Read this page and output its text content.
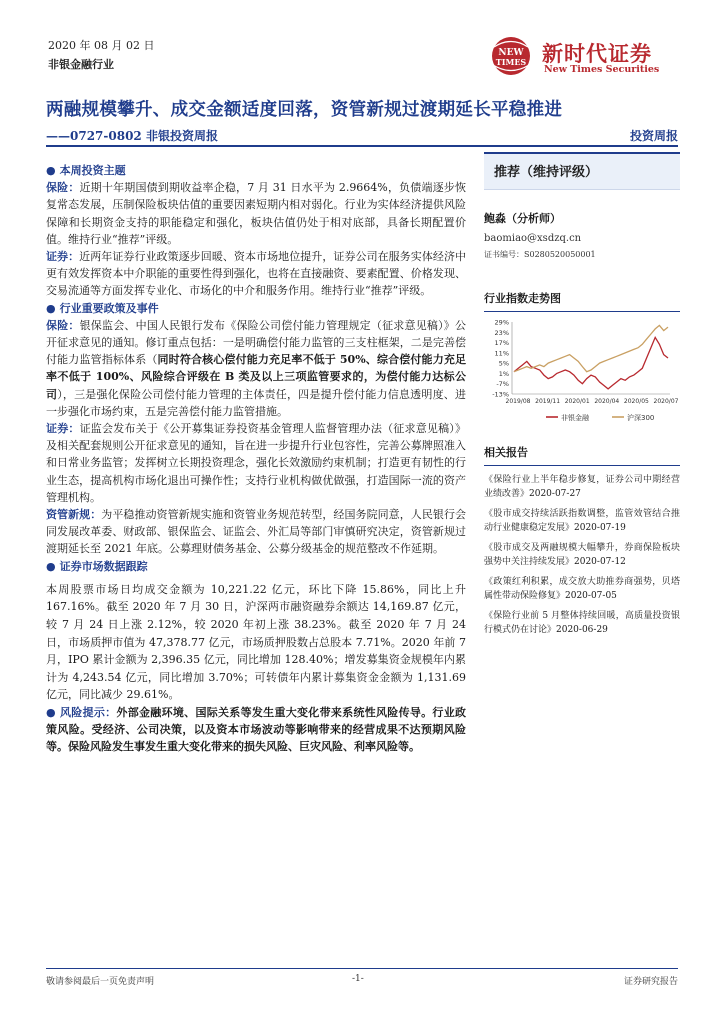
2020 年 08 月 02 日
非银金融行业
NEW
TIMES 新时代证券
New Times Securities
两融规模攀升、成交金额适度回落，资管新规过渡期延长平稳推进
——0727-0802 非银投资周报	投资周报
● 本周投资主题

保险：近期十年期国债到期收益率企稳，7 月 31 日水平为 2.9664%，负债端逐步恢复常态发展，压制保险板块估值的重要因素短期内相对弱化。行业为实体经济提供风险保障和长期资金支持的职能稳定和强化，板块估值仍处于相对底部，具备长期配置价值。维持行业“推荐”评级。

证券：近两年证券行业政策逐步回暖、资本市场地位提升，证券公司在服务实体经济中更有效发挥资本中介职能的重要性得到强化，也将在直接融资、要素配置、价格发现、交易流通等方面发挥专业化、市场化的中介和服务作用。维持行业“推荐”评级。

● 行业重要政策及事件

保险：银保监会、中国人民银行发布《保险公司偿付能力管理规定（征求意见稿）》公开征求意见的通知。修订重点包括：一是明确偿付能力监管的三支柱框架，二是完善偿付能力监管指标体系（同时符合核心偿付能力充足率不低于 50%、综合偿付能力充足率不低于 100%、风险综合评级在 B 类及以上三项监管要求的，为偿付能力达标公司），三是强化保险公司偿付能力管理的主体责任，四是提升偿付能力信息透明度、进一步强化市场约束，五是完善偿付能力监管措施。

证券：证监会发布关于《公开募集证券投资基金管理人监督管理办法（征求意见稿）》及相关配套规则公开征求意见的通知，旨在进一步提升行业包容性，完善公募牌照准入和日常业务监管；发挥树立长期投资理念，强化长效激励约束机制；打造更有韧性的行业生态，提高机构市场化退出可操作性；支持行业机构做优做强，打造国际一流的资产管理机构。

资管新规：为平稳推动资管新规实施和资管业务规范转型，经国务院同意，人民银行会同发展改革委、财政部、银保监会、证监会、外汇局等部门审慎研究决定，资管新规过渡期延长至 2021 年底。公募理财债务基金、公募分级基金的规范整改不作延期。

● 证券市场数据跟踪

本周股票市场日均成交金额为 10,221.22 亿元，环比下降 15.86%，同比上升 167.16%。截至 2020 年 7 月 30 日，沪深两市融资融券余额达 14,169.87 亿元，较 7 月 24 日上涨 2.12%，较 2020 年初上涨 38.23%。截至 2020 年 7 月 24 日，市场质押市值为 47,378.77 亿元，市场质押股数占总股本 7.71%。2020 年前 7 月，IPO 累计金额为 2,396.35 亿元，同比增加 128.40%；增发募集资金规模年内累计为 4,243.54 亿元，同比增加 3.70%；可转债年内累计募集资金金额为 1,131.69 亿元，同比减少 29.61%。

● 风险提示：外部金融环境、国际关系等发生重大变化带来系统性风险传导。行业政策风险。受经济、公司决策，以及资本市场波动等影响带来的经营成果不达预期风险等。保险风险发生事发生重大变化带来的损失风险、巨灾风险、利率风险等。

推荐（维持评级）
鲍淼（分析师）
baomiao@xsdzq.cn
证书编号：S0280520050001
行业指数走势图
29%
23%
17%
11%
5%
1%
-7%
-13%
2019/08 2019/11 2020/01 2020/04 2020/05 2020/07
非银金融	沪深300
相关报告
《保险行业上半年稳步修复，证券公司中期经营业绩改善》2020-07-27
《股市成交持续活跃指数调整，监管效管结合推动行业健康稳定发展》2020-07-19
《股市成交及两融规模大幅攀升，券商保险板块强势中关注持续发展》2020-07-12
《政策红利积累，成交放大助推券商强势，贝塔属性带动保险修复》2020-07-05
《保险行业前 5 月整体持续回暖，高质量投资银行模式仍在讨论》2020-06-29
敬请参阅最后一页免责声明	-1-	证券研究报告
